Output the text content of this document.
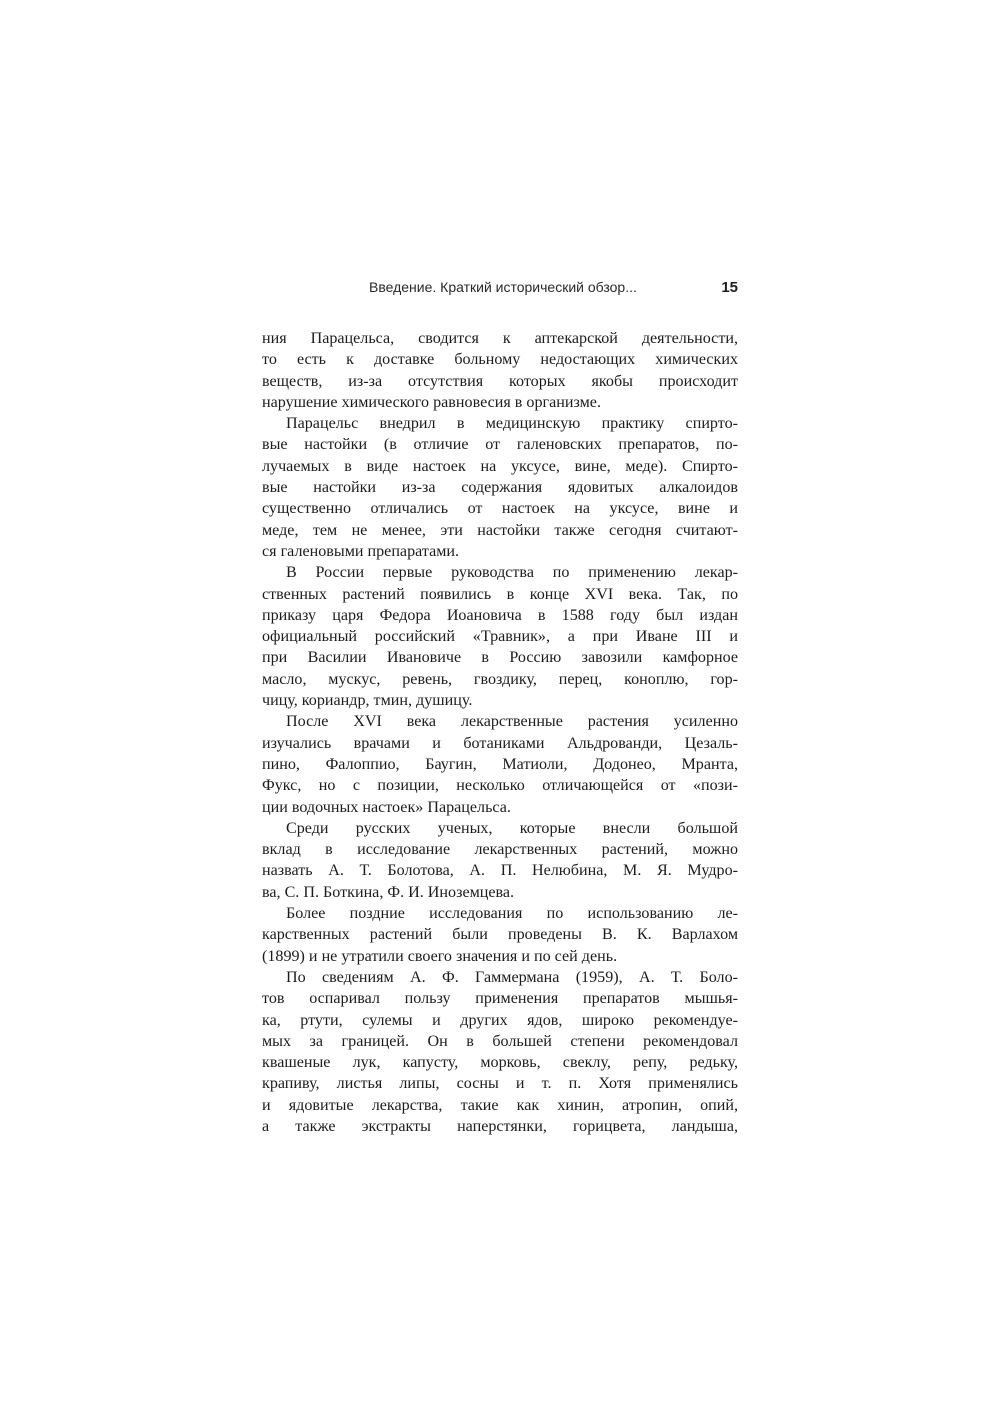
Введение. Краткий исторический обзор...	15
ния Парацельса, сводится к аптекарской деятельности,
то есть к доставке больному недостающих химических
веществ, из-за отсутствия которых якобы происходит
нарушение химического равновесия в организме.
Парацельс внедрил в медицинскую практику спирто-
вые настойки (в отличие от галеновских препаратов, по-
лучаемых в виде настоек на уксусе, вине, меде). Спирто-
вые настойки из-за содержания ядовитых алкалоидов
существенно отличались от настоек на уксусе, вине и
меде, тем не менее, эти настойки также сегодня считают-
ся галеновыми препаратами.
В России первые руководства по применению лекар-
ственных растений появились в конце XVI века. Так, по
приказу царя Федора Иоановича в 1588 году был издан
официальный российский «Травник», а при Иване III и
при Василии Ивановиче в Россию завозили камфорное
масло, мускус, ревень, гвоздику, перец, коноплю, гор-
чицу, кориандр, тмин, душицу.
После XVI века лекарственные растения усиленно
изучались врачами и ботаниками Альдрованди, Цезаль-
пино, Фалоппио, Баугин, Матиоли, Додонео, Мранта,
Фукс, но с позиции, несколько отличающейся от «пози-
ции водочных настоек» Парацельса.
Среди русских ученых, которые внесли большой
вклад в исследование лекарственных растений, можно
назвать А. Т. Болотова, А. П. Нелюбина, М. Я. Мудро-
ва, С. П. Боткина, Ф. И. Иноземцева.
Более поздние исследования по использованию ле-
карственных растений были проведены В. К. Варлахом
(1899) и не утратили своего значения и по сей день.
По сведениям А. Ф. Гаммермана (1959), А. Т. Боло-
тов оспаривал пользу применения препаратов мышья-
ка, ртути, сулемы и других ядов, широко рекомендуе-
мых за границей. Он в большей степени рекомендовал
квашеные лук, капусту, морковь, свеклу, репу, редьку,
крапиву, листья липы, сосны и т. п. Хотя применялись
и ядовитые лекарства, такие как хинин, атропин, опий,
а также экстракты наперстянки, горицвета, ландыша,
